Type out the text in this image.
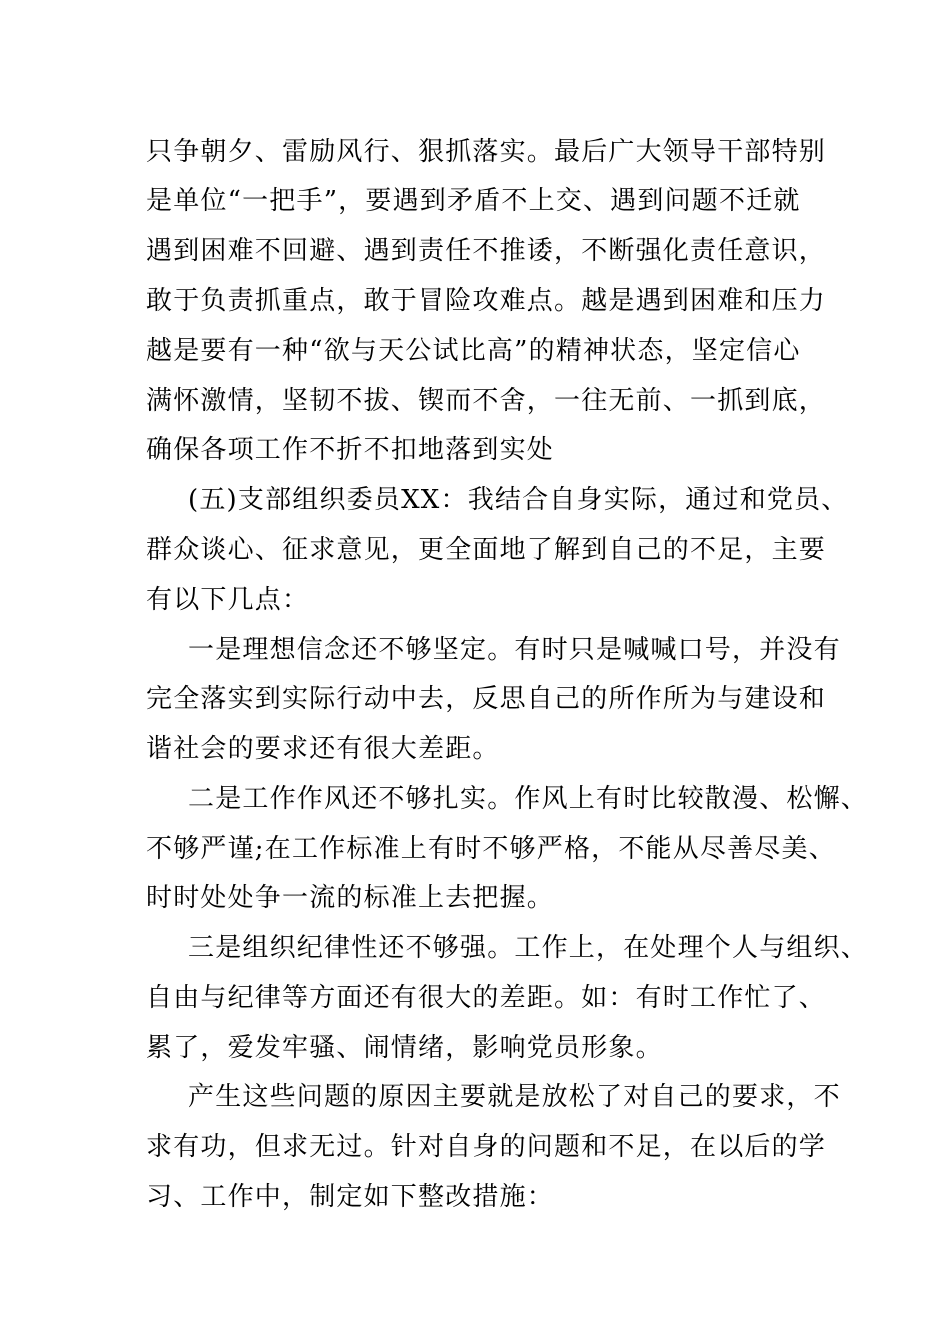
只争朝夕、雷励风行、狠抓落实。最后广大领导干部特别
是单位“一把手”，要遇到矛盾不上交、遇到问题不迁就
遇到困难不回避、遇到责任不推诿，不断强化责任意识，
敢于负责抓重点，敢于冒险攻难点。越是遇到困难和压力
越是要有一种“欲与天公试比高”的精神状态，坚定信心
满怀激情，坚韧不拔、锲而不舍，一往无前、一抓到底，
确保各项工作不折不扣地落到实处
(五)支部组织委员XX：我结合自身实际，通过和党员、
群众谈心、征求意见，更全面地了解到自己的不足，主要
有以下几点：
一是理想信念还不够坚定。有时只是喊喊口号，并没有
完全落实到实际行动中去，反思自己的所作所为与建设和
谐社会的要求还有很大差距。
二是工作作风还不够扎实。作风上有时比较散漫、松懈、
不够严谨;在工作标准上有时不够严格，不能从尽善尽美、
时时处处争一流的标准上去把握。
三是组织纪律性还不够强。工作上，在处理个人与组织、
自由与纪律等方面还有很大的差距。如：有时工作忙了、
累了，爱发牢骚、闹情绪，影响党员形象。
产生这些问题的原因主要就是放松了对自己的要求，不
求有功，但求无过。针对自身的问题和不足，在以后的学
习、工作中，制定如下整改措施：
